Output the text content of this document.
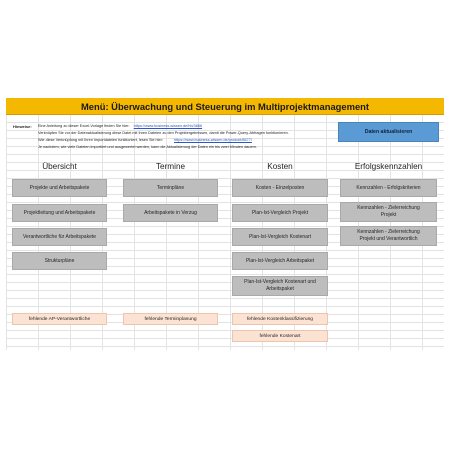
Menü: Überwachung und Steuerung im Multiprojektmanagement
Hinweise: Eine Anleitung zu dieser Excel-Vorlage finden Sie hier: https://www.business-wissen.de/hb/3866
Verknüpfen Sie vor der Datenaktualisierung diese Datei mit Ihren Dateien zu den Projektergebnissen, damit die Power-Query-Abfragen funktionieren.
Wie diese Verknüpfung mit Ihren Importdateien funktioniert, lesen Sie hier:	https://www.business-wissen.de/produkt/8677/
Je nachdem, wie viele Dateien importiert und ausgewertet werden, kann die Aktualisierung der Daten ein bis zwei Minuten dauern.
Daten aktualisieren
Übersicht	Termine	Kosten	Erfolgskennzahlen
Projekte und Arbeitspakete
Projektleitung und Arbeitspakete
Verantwortliche für Arbeitspakete
Strukturpläne
fehlende AP-Verantwortliche
Terminpläne
Arbeitspakete in Verzug
fehlende Terminplanung
Kosten - Einzelposten
Plan-Ist-Vergleich Projekt
Plan-Ist-Vergleich Kostenart
Plan-Ist-Vergleich Arbeitspaket
Plan-Ist-Vergleich Kostenart und
Arbeitspaket
fehlende Kostenklassifizierung
fehlende Kostenart
Kennzahlen - Erfolgskriterien
Kennzahlen - Zielerreichung
Projekt
Kennzahlen - Zielerreichung
Projekt und Verantwortlich
